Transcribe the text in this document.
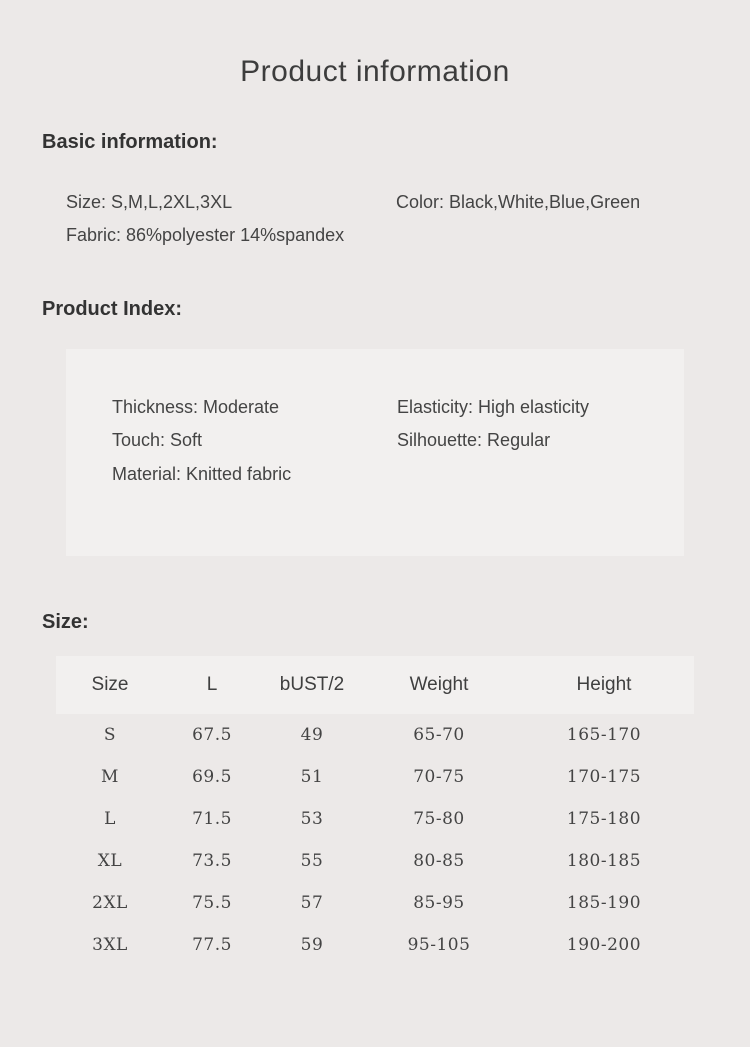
Product information
Basic information:
Size: S,M,L,2XL,3XL	Color: Black,White,Blue,Green
Fabric: 86%polyester 14%spandex
Product Index:
Thickness: Moderate	Elasticity: High elasticity
Touch: Soft	Silhouette: Regular
Material: Knitted fabric
Size:
Size	L	bUST/2	Weight	Height
S	67.5	49	65-70	165-170
M	69.5	51	70-75	170-175
L	71.5	53	75-80	175-180
XL	73.5	55	80-85	180-185
2XL	75.5	57	85-95	185-190
3XL	77.5	59	95-105	190-200
